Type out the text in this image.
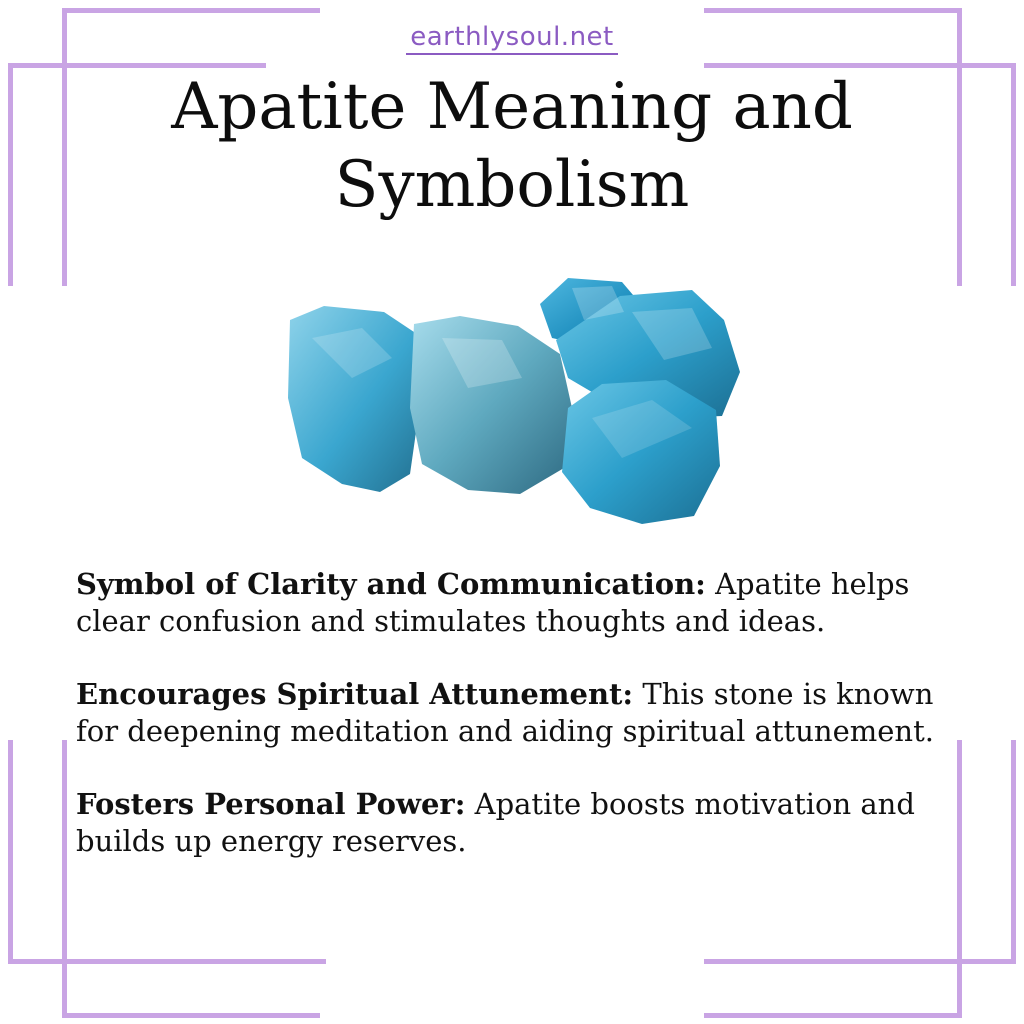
earthlysoul.net
Apatite Meaning and
Symbolism

Symbol of Clarity and Communication: Apatite helps clear confusion and stimulates thoughts and ideas.

Encourages Spiritual Attunement: This stone is known for deepening meditation and aiding spiritual attunement.

Fosters Personal Power: Apatite boosts motivation and builds up energy reserves.
